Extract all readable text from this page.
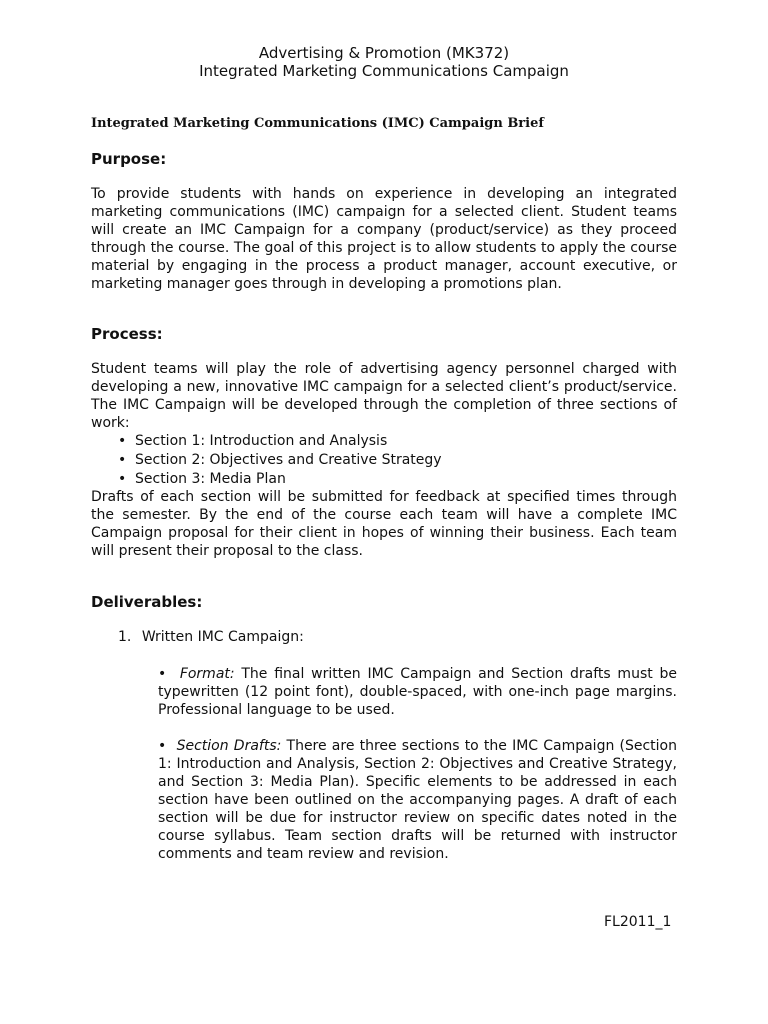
Advertising & Promotion (MK372)
Integrated Marketing Communications Campaign
Integrated Marketing Communications (IMC) Campaign Brief
Purpose:

To provide students with hands on experience in developing an integrated marketing communications (IMC) campaign for a selected client. Student teams will create an IMC Campaign for a company (product/service) as they proceed through the course. The goal of this project is to allow students to apply the course material by engaging in the process a product manager, account executive, or marketing manager goes through in developing a promotions plan.

Process:

Student teams will play the role of advertising agency personnel charged with developing a new, innovative IMC campaign for a selected client’s product/service. The IMC Campaign will be developed through the completion of three sections of work:

• Section 1: Introduction and Analysis
• Section 2: Objectives and Creative Strategy
• Section 3: Media Plan

Drafts of each section will be submitted for feedback at specified times through the semester. By the end of the course each team will have a complete IMC Campaign proposal for their client in hopes of winning their business. Each team will present their proposal to the class.

Deliverables:
1. Written IMC Campaign:

• Format: The final written IMC Campaign and Section drafts must be typewritten (12 point font), double-spaced, with one-inch page margins. Professional language to be used.

• Section Drafts: There are three sections to the IMC Campaign (Section 1: Introduction and Analysis, Section 2: Objectives and Creative Strategy, and Section 3: Media Plan). Specific elements to be addressed in each section have been outlined on the accompanying pages. A draft of each section will be due for instructor review on specific dates noted in the course syllabus. Team section drafts will be returned with instructor comments and team review and revision.

FL2011_1
